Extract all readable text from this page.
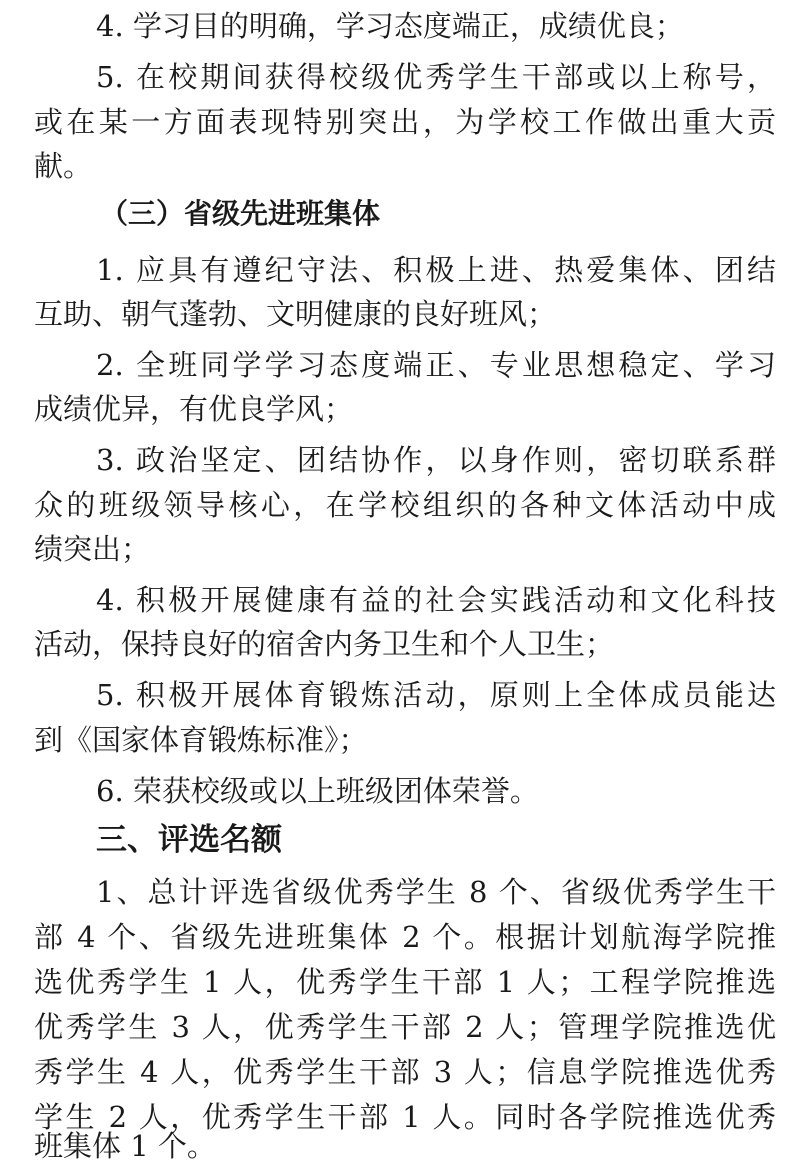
4. 学习目的明确，学习态度端正，成绩优良；

5. 在校期间获得校级优秀学生干部或以上称号，

或在某一方面表现特别突出，为学校工作做出重大贡

献。

（三）省级先进班集体

1. 应具有遵纪守法、积极上进、热爱集体、团结

互助、朝气蓬勃、文明健康的良好班风；

2. 全班同学学习态度端正、专业思想稳定、学习

成绩优异，有优良学风；

3. 政治坚定、团结协作，以身作则，密切联系群

众的班级领导核心，在学校组织的各种文体活动中成

绩突出；

4. 积极开展健康有益的社会实践活动和文化科技

活动，保持良好的宿舍内务卫生和个人卫生；

5. 积极开展体育锻炼活动，原则上全体成员能达

到《国家体育锻炼标准》；

6. 荣获校级或以上班级团体荣誉。

三、评选名额

1、总计评选省级优秀学生 8 个、省级优秀学生干

部 4 个、省级先进班集体 2 个。根据计划航海学院推

选优秀学生 1 人，优秀学生干部 1 人；工程学院推选

优秀学生 3 人，优秀学生干部 2 人；管理学院推选优

秀学生 4 人，优秀学生干部 3 人；信息学院推选优秀

学生 2 人，优秀学生干部 1 人。同时各学院推选优秀

班集体 1 个。
